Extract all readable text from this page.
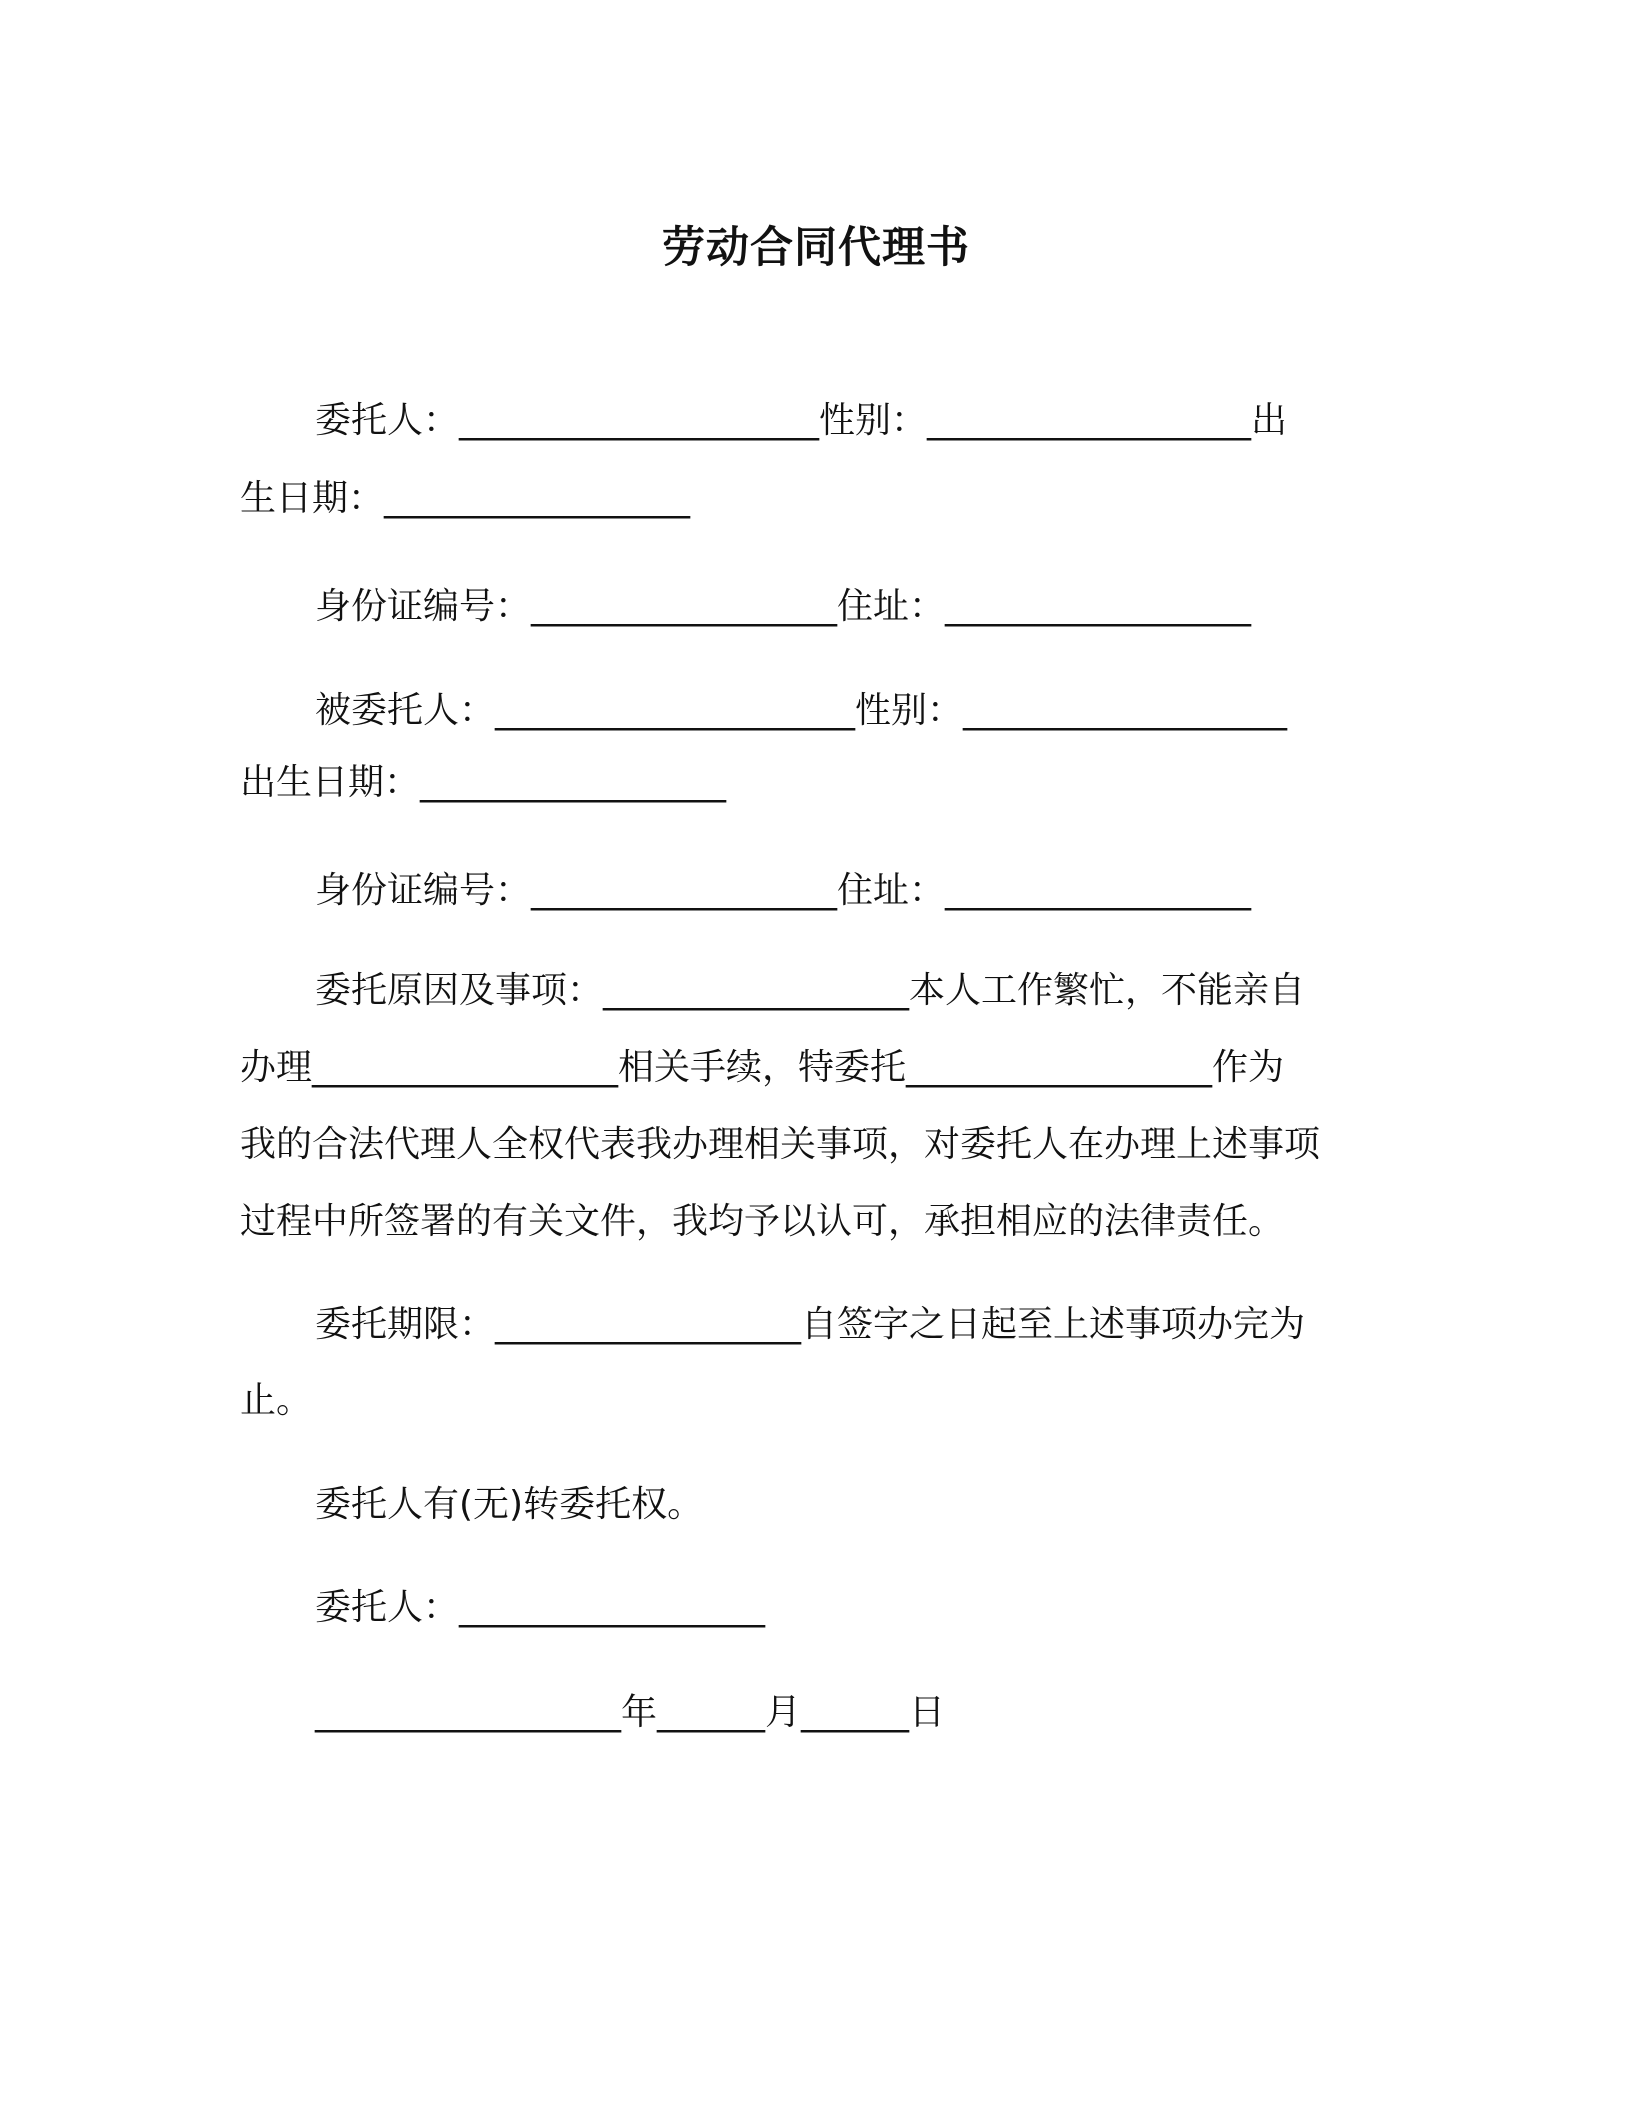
劳动合同代理书
委托人：____________________性别：__________________出
生日期：_________________
身份证编号：_________________住址：_________________
被委托人：____________________性别：__________________
出生日期：_________________
身份证编号：_________________住址：_________________
委托原因及事项：_________________本人工作繁忙，不能亲自
办理_________________相关手续，特委托_________________作为
我的合法代理人全权代表我办理相关事项，对委托人在办理上述事项
过程中所签署的有关文件，我均予以认可，承担相应的法律责任。
委托期限：_________________自签字之日起至上述事项办完为
止。
委托人有(无)转委托权。
委托人：_________________
_________________年______月______日
